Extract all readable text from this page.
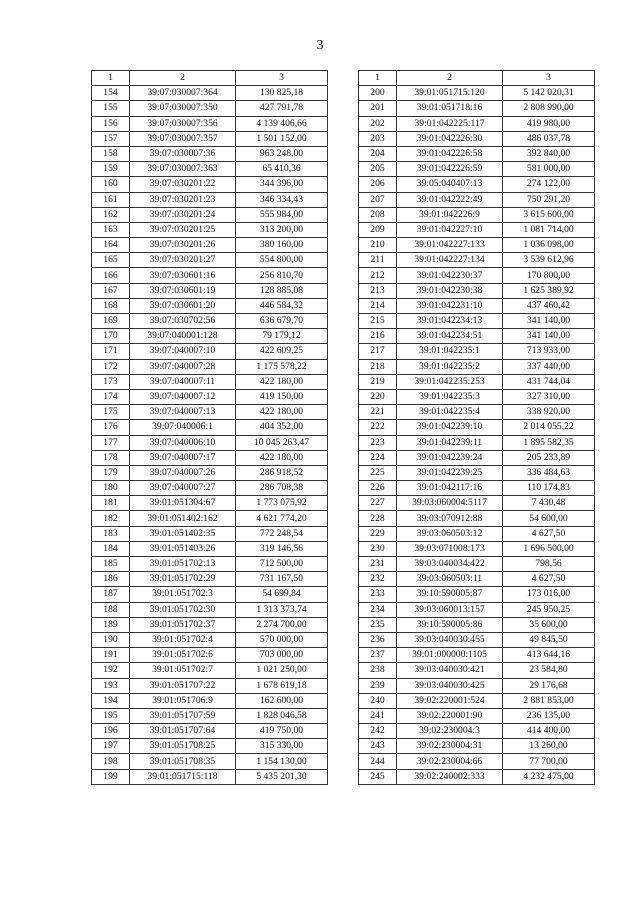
3
1	2	3
154	39:07:030007:364	130 825,18
155	39:07:030007:350	427 791,78
156	39:07:030007:356	4 139 406,66
157	39:07:030007:357	1 501 152,00
158	39:07:030007:36	963 248,00
159	39:07:030007:363	65 410,36
160	39:07:030201:22	344 396,00
161	39:07:030201:23	346 334,43
162	39:07:030201:24	555 984,00
163	39:07:030201:25	313 200,00
164	39:07:030201:26	380 160,00
165	39:07:030201:27	554 800,00
166	39:07:030601:16	256 810,70
167	39:07:030601:19	128 885,08
168	39:07:030601:20	446 584,32
169	39:07:030702:56	636 679,70
170	39:07:040001:128	79 179,12
171	39:07:040007:10	422 609,25
172	39:07:040007:28	1 175 578,22
173	39:07:040007:11	422 180,00
174	39:07:040007:12	419 150,00
175	39:07:040007:13	422 180,00
176	39:07:040006:1	404 352,00
177	39:07:040006:10	10 045 263,47
178	39:07:040007:17	422 180,00
179	39:07:040007:26	286 918,52
180	39:07:040007:27	286 708,38
181	39:01:051304:67	1 773 075,92
182	39:01:051402:162	4 621 774,20
183	39:01:051402:35	772 248,54
184	39:01:051403:26	319 146,56
185	39:01:051702:13	712 500,00
186	39:01:051702:29	731 167,50
187	39:01:051702:3	54 699,84
188	39:01:051702:30	1 313 373,74
189	39:01:051702:37	2 274 700,00
190	39:01:051702:4	570 000,00
191	39:01:051702:6	703 000,00
192	39:01:051702:7	1 021 250,00
193	39:01:051707:22	1 678 619,18
194	39:01:051706:9	162 600,00
195	39:01:051707:59	1 828 046,58
196	39:01:051707:64	419 750,00
197	39:01:051708:25	315 330,00
198	39:01:051708:35	1 154 130,00
199	39:01:051715:118	5 435 201,30
1	2	3
200	39:01:051715:120	5 142 020,31
201	39:01:051718:16	2 808 990,00
202	39:01:042225:117	419 980,00
203	39:01:042226:30	486 037,78
204	39:01:042226:58	392 840,00
205	39:01:042226:59	581 000,00
206	39:05:040407:13	274 122,00
207	39:01:042222:49	750 291,20
208	39:01:042226:9	3 615 600,00
209	39:01:042227:10	1 081 714,00
210	39:01:042227:133	1 036 098,00
211	39:01:042227:134	3 539 612,96
212	39:01:042230:37	170 800,00
213	39:01:042230:38	1 625 389,92
214	39:01:042231:10	437 460,42
215	39:01:042234:13	341 140,00
216	39:01:042234:51	341 140,00
217	39:01:042235:1	713 933,00
218	39:01:042235:2	337 440,00
219	39:01:042235:253	431 744,04
220	39:01:042235:3	327 310,00
221	39:01:042235:4	338 920,00
222	39:01:042239:10	2 014 055,22
223	39:01:042239:11	1 895 582,35
224	39:01:042239:24	205 233,89
225	39:01:042239:25	336 484,63
226	39:01:042117:16	110 174,83
227	39:03:060004:5117	7 430,48
228	39:03:070912:88	54 600,00
229	39:03:060503:12	4 627,50
230	39:03:071008:173	1 696 500,00
231	39:03:040034:422	798,56
232	39:03:060503:11	4 627,50
233	39:10:590005:87	173 016,00
234	39:03:060013:157	245 950,25
235	39:10:590005:86	35 600,00
236	39:03:040030:455	49 845,50
237	39:01:000000:1105	413 644,16
238	39:03:040030:421	23 584,80
239	39:03:040030:425	29 176,68
240	39:02:220001:524	2 881 853,00
241	39:02:220001:90	236 135,00
242	39:02:230004:3	414 400,00
243	39:02:230004:31	13 260,00
244	39:02:230004:66	77 700,00
245	39:02:240002:333	4 232 475,00
